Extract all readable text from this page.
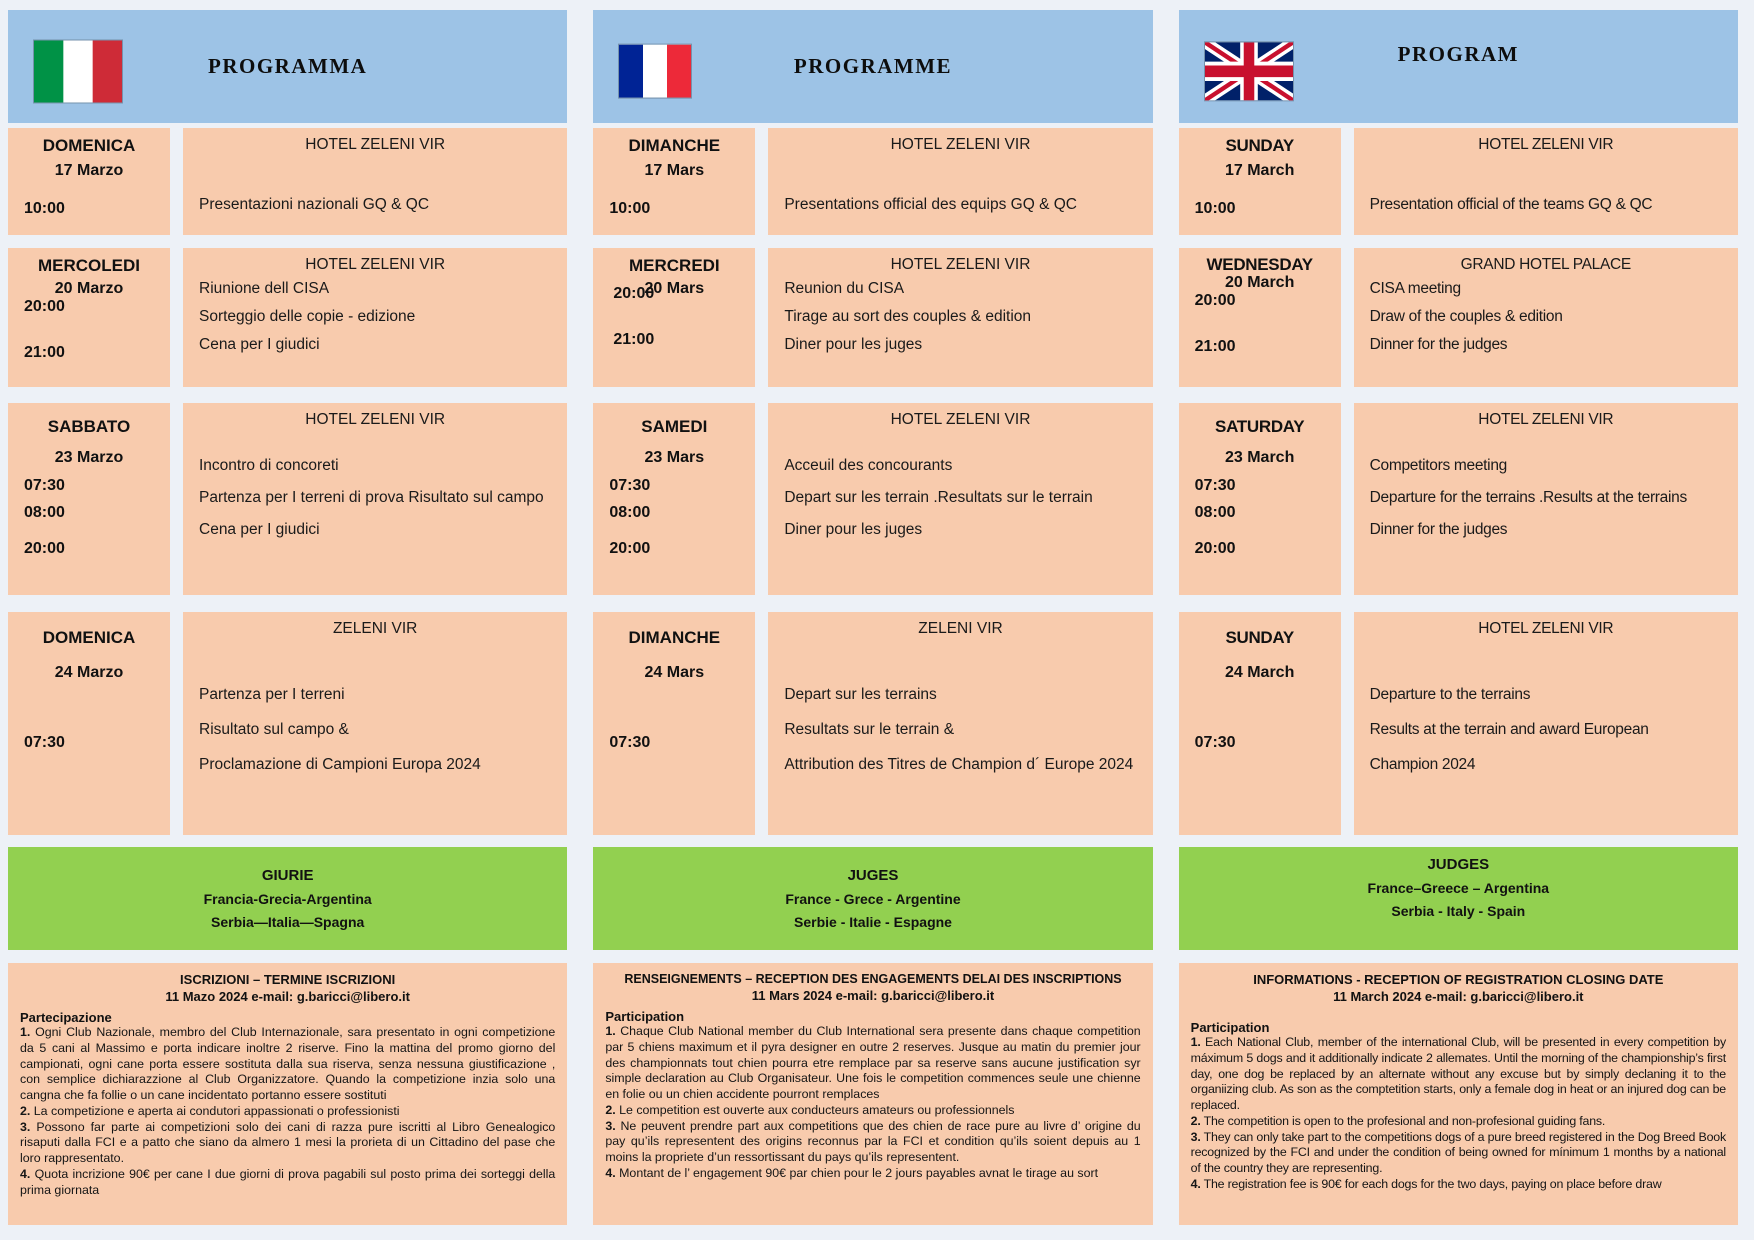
PROGRAMMA
DOMENICA
17 Marzo
10:00
HOTEL ZELENI VIR
Presentazioni nazionali GQ & QC
MERCOLEDI
20 Marzo
20:00
21:00
HOTEL ZELENI VIR
Riunione dell CISA
Sorteggio delle copie - edizione
Cena per I giudici
SABBATO
23 Marzo
07:30
08:00
20:00
HOTEL ZELENI VIR
Incontro di concoreti
Partenza per I terreni di prova Risultato sul campo
Cena per I giudici
DOMENICA
24 Marzo
07:30
ZELENI VIR
Partenza per I terreni
Risultato sul campo &
Proclamazione di Campioni Europa 2024
GIURIE
Francia-Grecia-Argentina
Serbia—Italia—Spagna
ISCRIZIONI – TERMINE ISCRIZIONI
11 Mazo 2024 e-mail: g.baricci@libero.it
Partecipazione

1. Ogni Club Nazionale, membro del Club Internazionale, sara presentato in ogni competizione da 5 cani al Massimo e porta indicare inoltre 2 riserve. Fino la mattina del promo giorno del campionati, ogni cane porta essere sostituta dalla sua riserva, senza nessuna giustificazione , con semplice dichiarazzione al Club Organizzatore. Quando la competizione inzia solo una cangna che fa follie o un cane incidentato portanno essere sostituti

2. La competizione e aperta ai condutori appassionati o professionisti

3. Possono far parte ai competizioni solo dei cani di razza pure iscritti al Libro Genealogico risaputi dalla FCI e a patto che siano da almero 1 mesi la prorieta di un Cittadino del pase che loro rappresentato.

4. Quota incrizione 90€ per cane I due giorni di prova pagabili sul posto prima dei sorteggi della prima giornata

PROGRAMME
DIMANCHE
17 Mars
10:00
HOTEL ZELENI VIR
Presentations official des equips GQ & QC
MERCREDI
20 Mars
20:00
21:00
HOTEL ZELENI VIR
Reunion du CISA
Tirage au sort des couples & edition
Diner pour les juges
SAMEDI
23 Mars
07:30
08:00
20:00
HOTEL ZELENI VIR
Acceuil des concourants
Depart sur les terrain .Resultats sur le terrain
Diner pour les juges
DIMANCHE
24 Mars
07:30
ZELENI VIR
Depart sur les terrains
Resultats sur le terrain &
Attribution des Titres de Champion d´ Europe 2024
JUGES
France - Grece - Argentine
Serbie - Italie - Espagne
RENSEIGNEMENTS – RECEPTION DES ENGAGEMENTS DELAI DES INSCRIPTIONS
11 Mars 2024 e-mail: g.baricci@libero.it
Participation

1. Chaque Club National member du Club International sera presente dans chaque competition par 5 chiens maximum et il pyra designer en outre 2 reserves. Jusque au matin du premier jour des championnats tout chien pourra etre remplace par sa reserve sans aucune justification syr simple declaration au Club Organisateur. Une fois le competition commences seule une chienne en folie ou un chien accidente pourront remplaces

2. Le competition est ouverte aux conducteurs amateurs ou professionnels

3. Ne peuvent prendre part aux competitions que des chien de race pure au livre d’ origine du pay qu’ils representent des origins reconnus par la FCI et condition qu’ils soient depuis au 1 moins la propriete d’un ressortissant du pays qu’ils representent.

4. Montant de l’ engagement 90€ par chien pour le 2 jours payables avnat le tirage au sort

PROGRAM
SUNDAY
17 March
10:00
HOTEL ZELENI VIR
Presentation official of the teams GQ & QC
WEDNESDAY
20 March
20:00
21:00
GRAND HOTEL PALACE
CISA meeting
Draw of the couples & edition
Dinner for the judges
SATURDAY
23 March
07:30
08:00
20:00
HOTEL ZELENI VIR
Competitors meeting
Departure for the terrains .Results at the terrains
Dinner for the judges
SUNDAY
24 March
07:30
HOTEL ZELENI VIR
Departure to the terrains
Results at the terrain and award European
Champion 2024
JUDGES
France–Greece – Argentina
Serbia - Italy - Spain
INFORMATIONS - RECEPTION OF REGISTRATION CLOSING DATE
11 March 2024 e-mail: g.baricci@libero.it
Participation

1. Each National Club, member of the international Club, will be presented in every competition by máximum 5 dogs and it additionally indicate 2 allemates. Until the morning of the championship’s first day, one dog be replaced by an alternate without any excuse but by simply declaning it to the organiizing club. As son as the comptetition starts, only a female dog in heat or an injured dog can be replaced.

2. The competition is open to the profesional and non-profesional guiding fans.

3. They can only take part to the competitions dogs of a pure breed registered in the Dog Breed Book recognized by the FCI and under the condition of being owned for mínimum 1 months by a national of the country they are representing.

4. The registration fee is 90€ for each dogs for the two days, paying on place before draw
